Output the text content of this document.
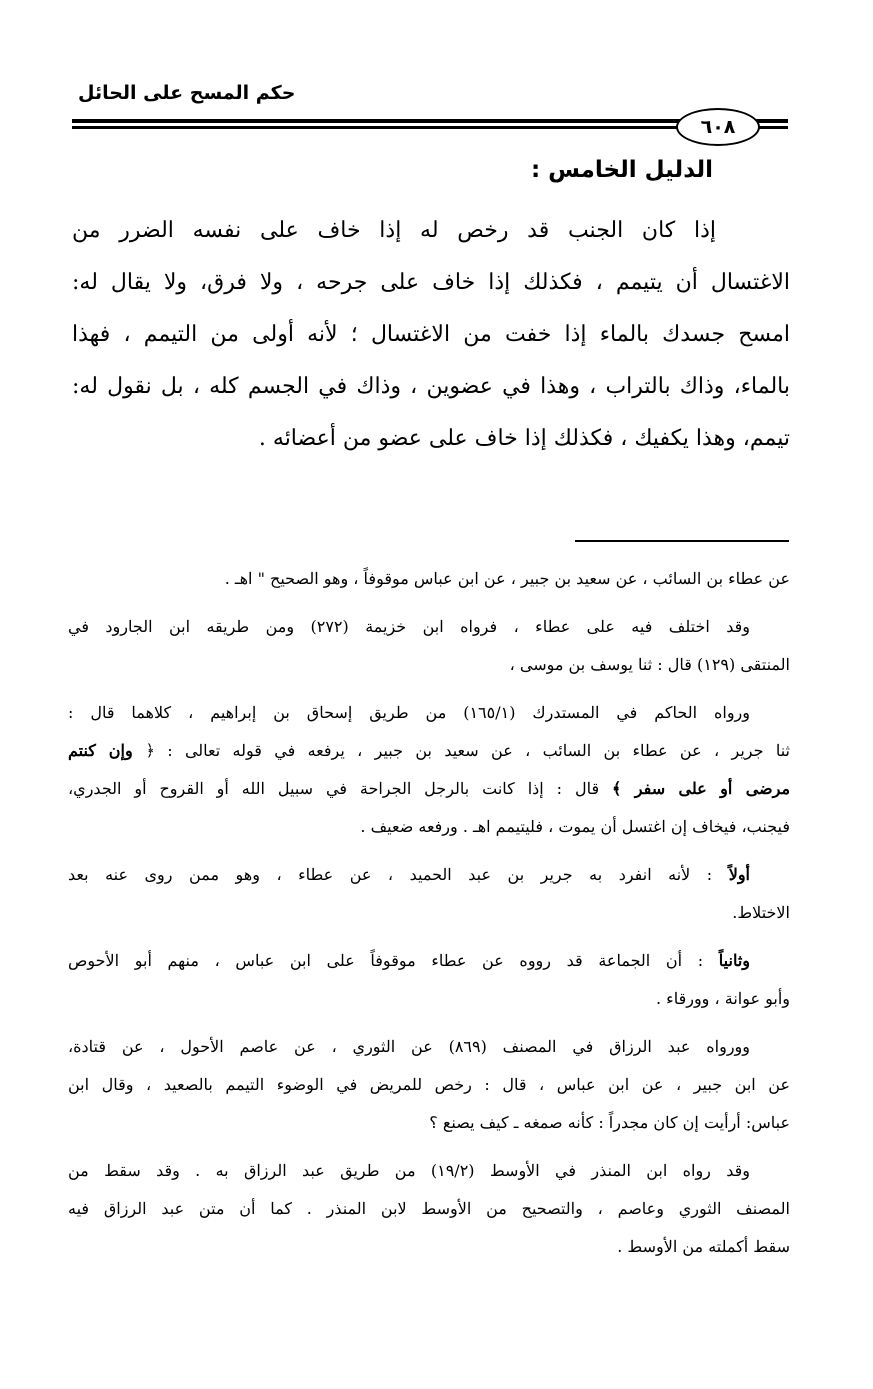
حكم المسح على الحائل
٦٠٨
الدليل الخامس :
إذا كان الجنب قد رخص له إذا خاف على نفسه الضرر من
الاغتسال أن يتيمم ، فكذلك إذا خاف على جرحه ، ولا فرق، ولا يقال له:
امسح جسدك بالماء إذا خفت من الاغتسال ؛ لأنه أولى من التيمم ، فهذا
بالماء، وذاك بالتراب ، وهذا في عضوين ، وذاك في الجسم كله ، بل نقول له:
تيمم، وهذا يكفيك ، فكذلك إذا خاف على عضو من أعضائه .
عن عطاء بن السائب ، عن سعيد بن جبير ، عن ابن عباس موقوفاً ، وهو الصحيح " اهـ .
وقد اختلف فيه على عطاء ، فرواه ابن خزيمة (٢٧٢) ومن طريقه ابن الجارود في
المنتقى (١٢٩) قال : ثنا يوسف بن موسى ،
ورواه الحاكم في المستدرك (١٦٥/١) من طريق إسحاق بن إبراهيم ، كلاهما قال :
ثنا جرير ، عن عطاء بن السائب ، عن سعيد بن جبير ، يرفعه في قوله تعالى : ﴿ وإن كنتم
مرضى أو على سفر ﴾ قال : إذا كانت بالرجل الجراحة في سبيل الله أو القروح أو الجدري،
فيجنب، فيخاف إن اغتسل أن يموت ، فليتيمم اهـ . ورفعه ضعيف .
أولاً : لأنه انفرد به جرير بن عبد الحميد ، عن عطاء ، وهو ممن روى عنه بعد
الاختلاط.
وثانياً : أن الجماعة قد رووه عن عطاء موقوفاً على ابن عباس ، منهم أبو الأحوص
وأبو عوانة ، وورقاء .
وورواه عبد الرزاق في المصنف (٨٦٩) عن الثوري ، عن عاصم الأحول ، عن قتادة،
عن ابن جبير ، عن ابن عباس ، قال : رخص للمريض في الوضوء التيمم بالصعيد ، وقال ابن
عباس: أرأيت إن كان مجدراً : كأنه صمغه ـ كيف يصنع ؟
وقد رواه ابن المنذر في الأوسط (١٩/٢) من طريق عبد الرزاق به . وقد سقط من
المصنف الثوري وعاصم ، والتصحيح من الأوسط لابن المنذر . كما أن متن عبد الرزاق فيه
سقط أكملته من الأوسط .
